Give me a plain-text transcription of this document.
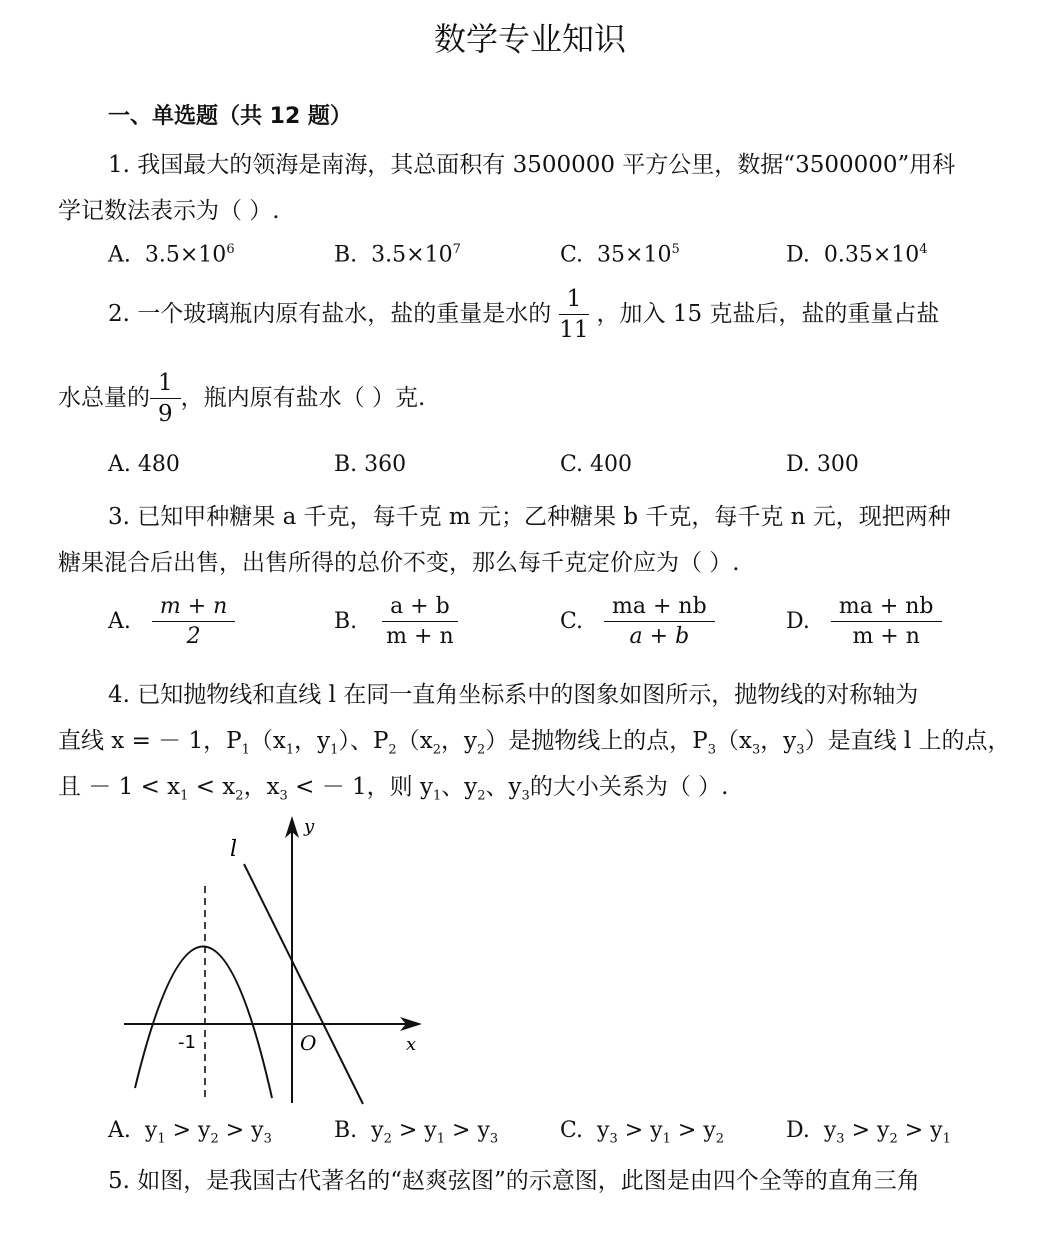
数学专业知识
一、单选题（共 12 题）
1. 我国最大的领海是南海，其总面积有 3500000 平方公里，数据“3500000”用科
学记数法表示为（ ）.
A. $3.5\times 10^6$	B. $3.5\times 10^7$	C. $35\times 10^5$	D. $0.35\times 10^4$
2. 一个玻璃瓶内原有盐水，盐的重量是水的 $\frac{1}{11}$ ，加入 15 克盐后，盐的重量占盐
水总量的 $\frac{1}{9}$ ，瓶内原有盐水（ ）克.
A. 480	B. 360	C. 400	D. 300
3. 已知甲种糖果 a 千克，每千克 m 元；乙种糖果 b 千克，每千克 n 元，现把两种
糖果混合后出售，出售所得的总价不变，那么每千克定价应为（ ）.
A. $\frac{m + n}{2}$	B. $\frac{a + b}{m + n}$	C. $\frac{ma + nb}{a + b}$	D. $\frac{ma + nb}{m + n}$
4. 已知抛物线和直线 l 在同一直角坐标系中的图象如图所示，抛物线的对称轴为
直线 x = － 1，$P_1(x_1$，$y_1$）、$P_2(x_2$，$y_2$）是抛物线上的点，$P_3(x_3$，$y_3$）是直线 l 上的点，
且 － $1 < x_1 < x_2$，$x_3$ < － 1，则 $y_1$、$y_2$、$y_3$的大小关系为（ ）.
l
y
x
O
-1
A. $y_1 > y_2 > y_3$	B. $y_2 > y_1 > y_3$	C. $y_3 > y_1 > y_2$	D. $y_3 > y_2 > y_1$
5. 如图，是我国古代著名的“赵爽弦图”的示意图，此图是由四个全等的直角三角
